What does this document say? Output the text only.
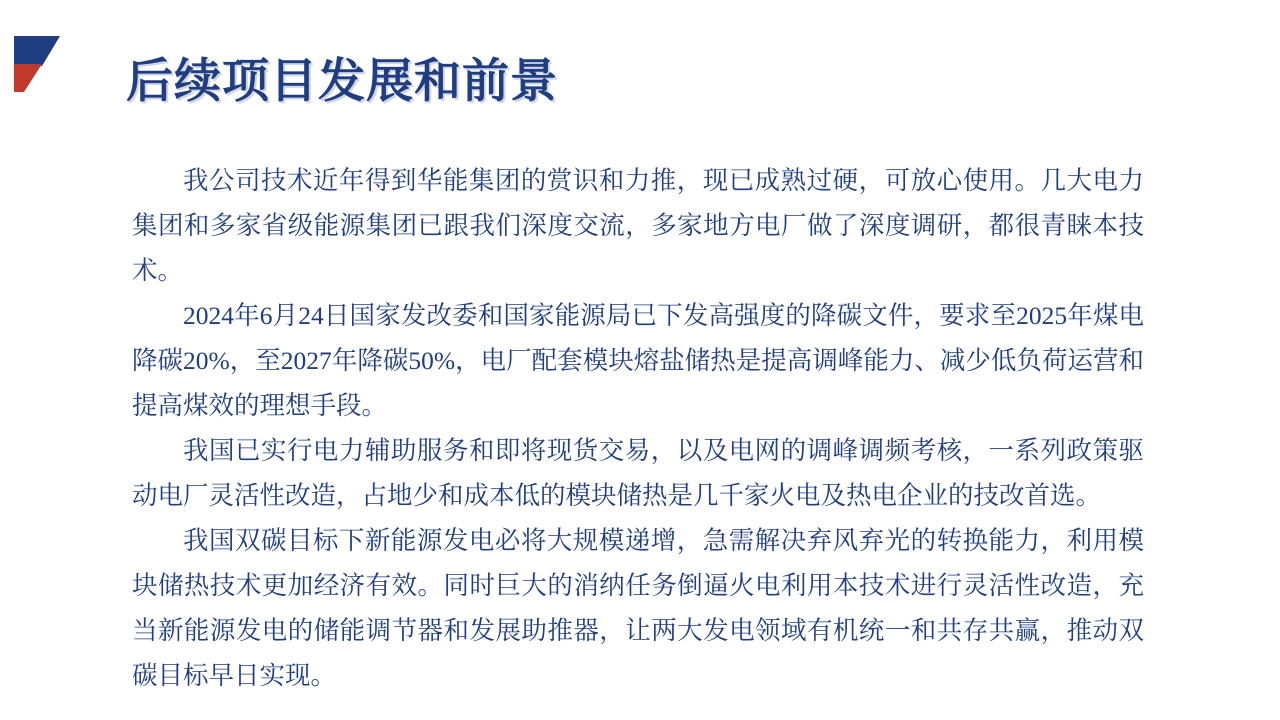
后续项目发展和前景

我公司技术近年得到华能集团的赏识和力推，现已成熟过硬，可放心使用。几大电力集团和多家省级能源集团已跟我们深度交流，多家地方电厂做了深度调研，都很青睐本技术。

2024年6月24日国家发改委和国家能源局已下发高强度的降碳文件，要求至2025年煤电降碳20%，至2027年降碳50%，电厂配套模块熔盐储热是提高调峰能力、减少低负荷运营和提高煤效的理想手段。

我国已实行电力辅助服务和即将现货交易，以及电网的调峰调频考核，一系列政策驱动电厂灵活性改造，占地少和成本低的模块储热是几千家火电及热电企业的技改首选。

我国双碳目标下新能源发电必将大规模递增，急需解决弃风弃光的转换能力，利用模块储热技术更加经济有效。同时巨大的消纳任务倒逼火电利用本技术进行灵活性改造，充当新能源发电的储能调节器和发展助推器，让两大发电领域有机统一和共存共赢，推动双碳目标早日实现。
